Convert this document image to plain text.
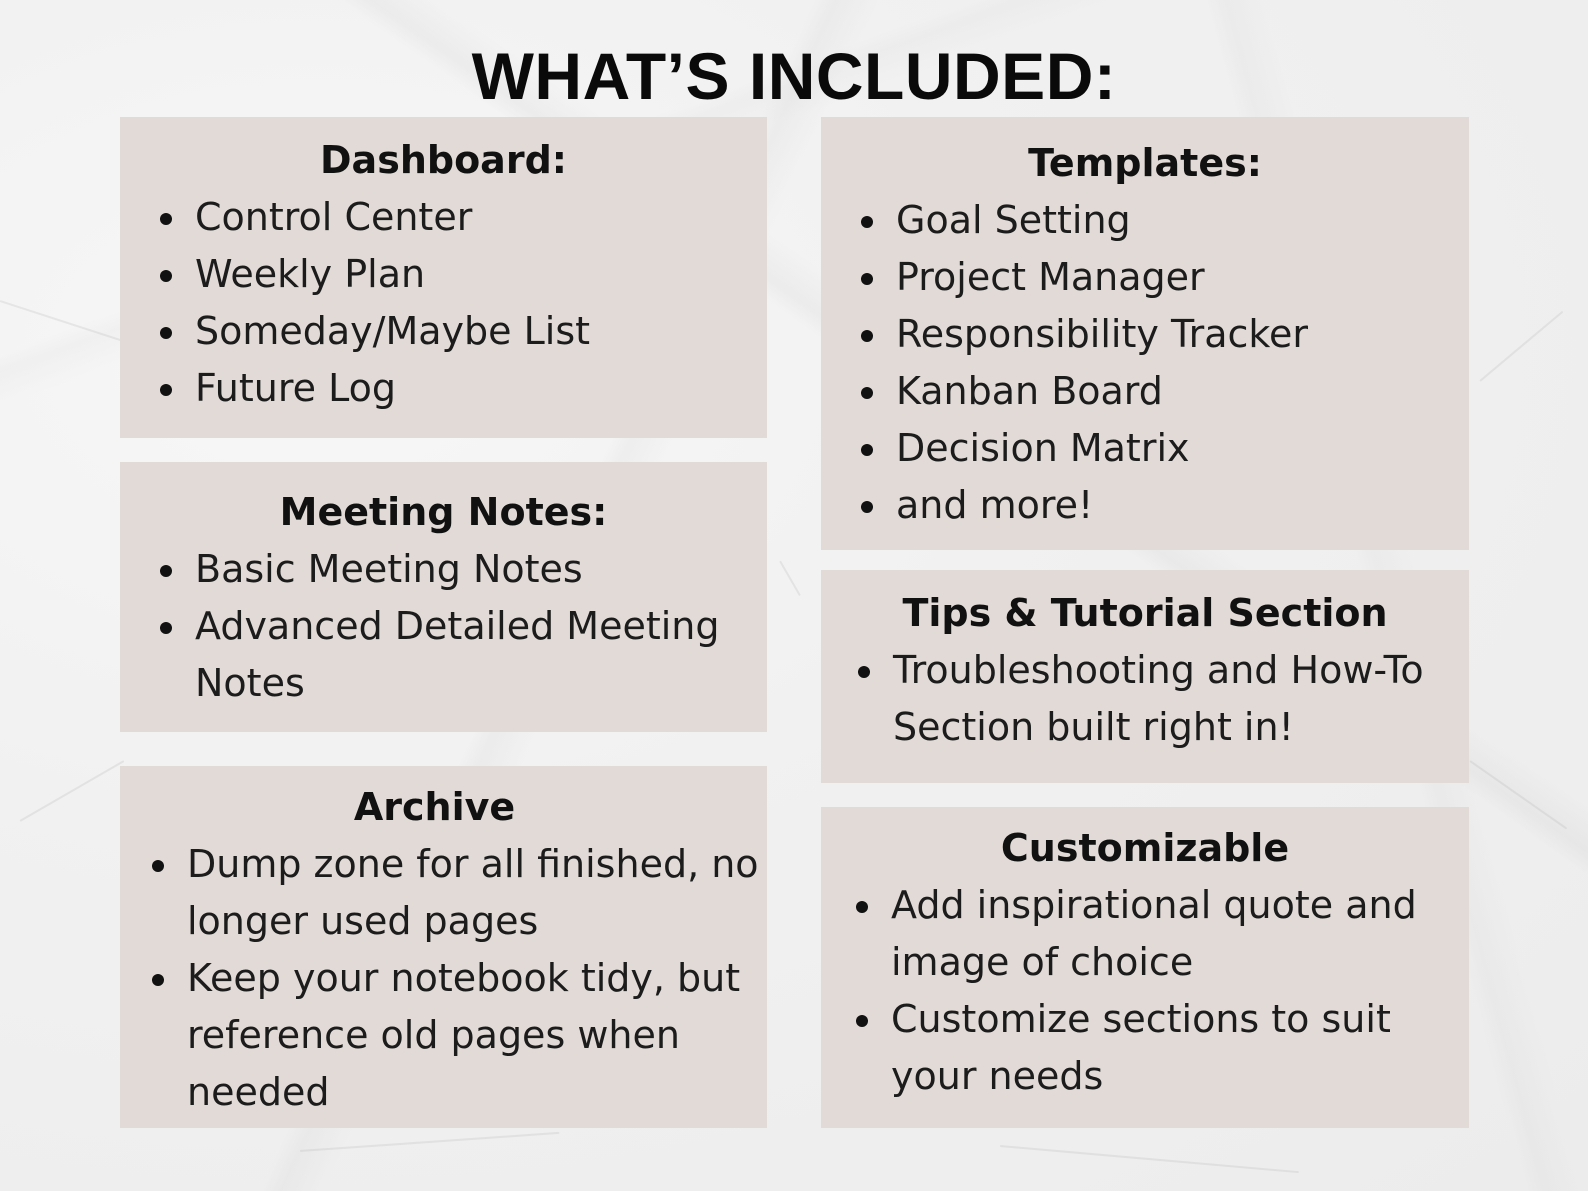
WHAT’S INCLUDED:
Dashboard:
Control Center
Weekly Plan
Someday/Maybe List
Future Log
Meeting Notes:
Basic Meeting Notes
Advanced Detailed Meeting Notes
Archive
Dump zone for all finished, no longer used pages
Keep your notebook tidy, but reference old pages when needed
Templates:
Goal Setting
Project Manager
Responsibility Tracker
Kanban Board
Decision Matrix
and more!
Tips & Tutorial Section
Troubleshooting and How-To Section built right in!
Customizable
Add inspirational quote and image of choice
Customize sections to suit your needs
